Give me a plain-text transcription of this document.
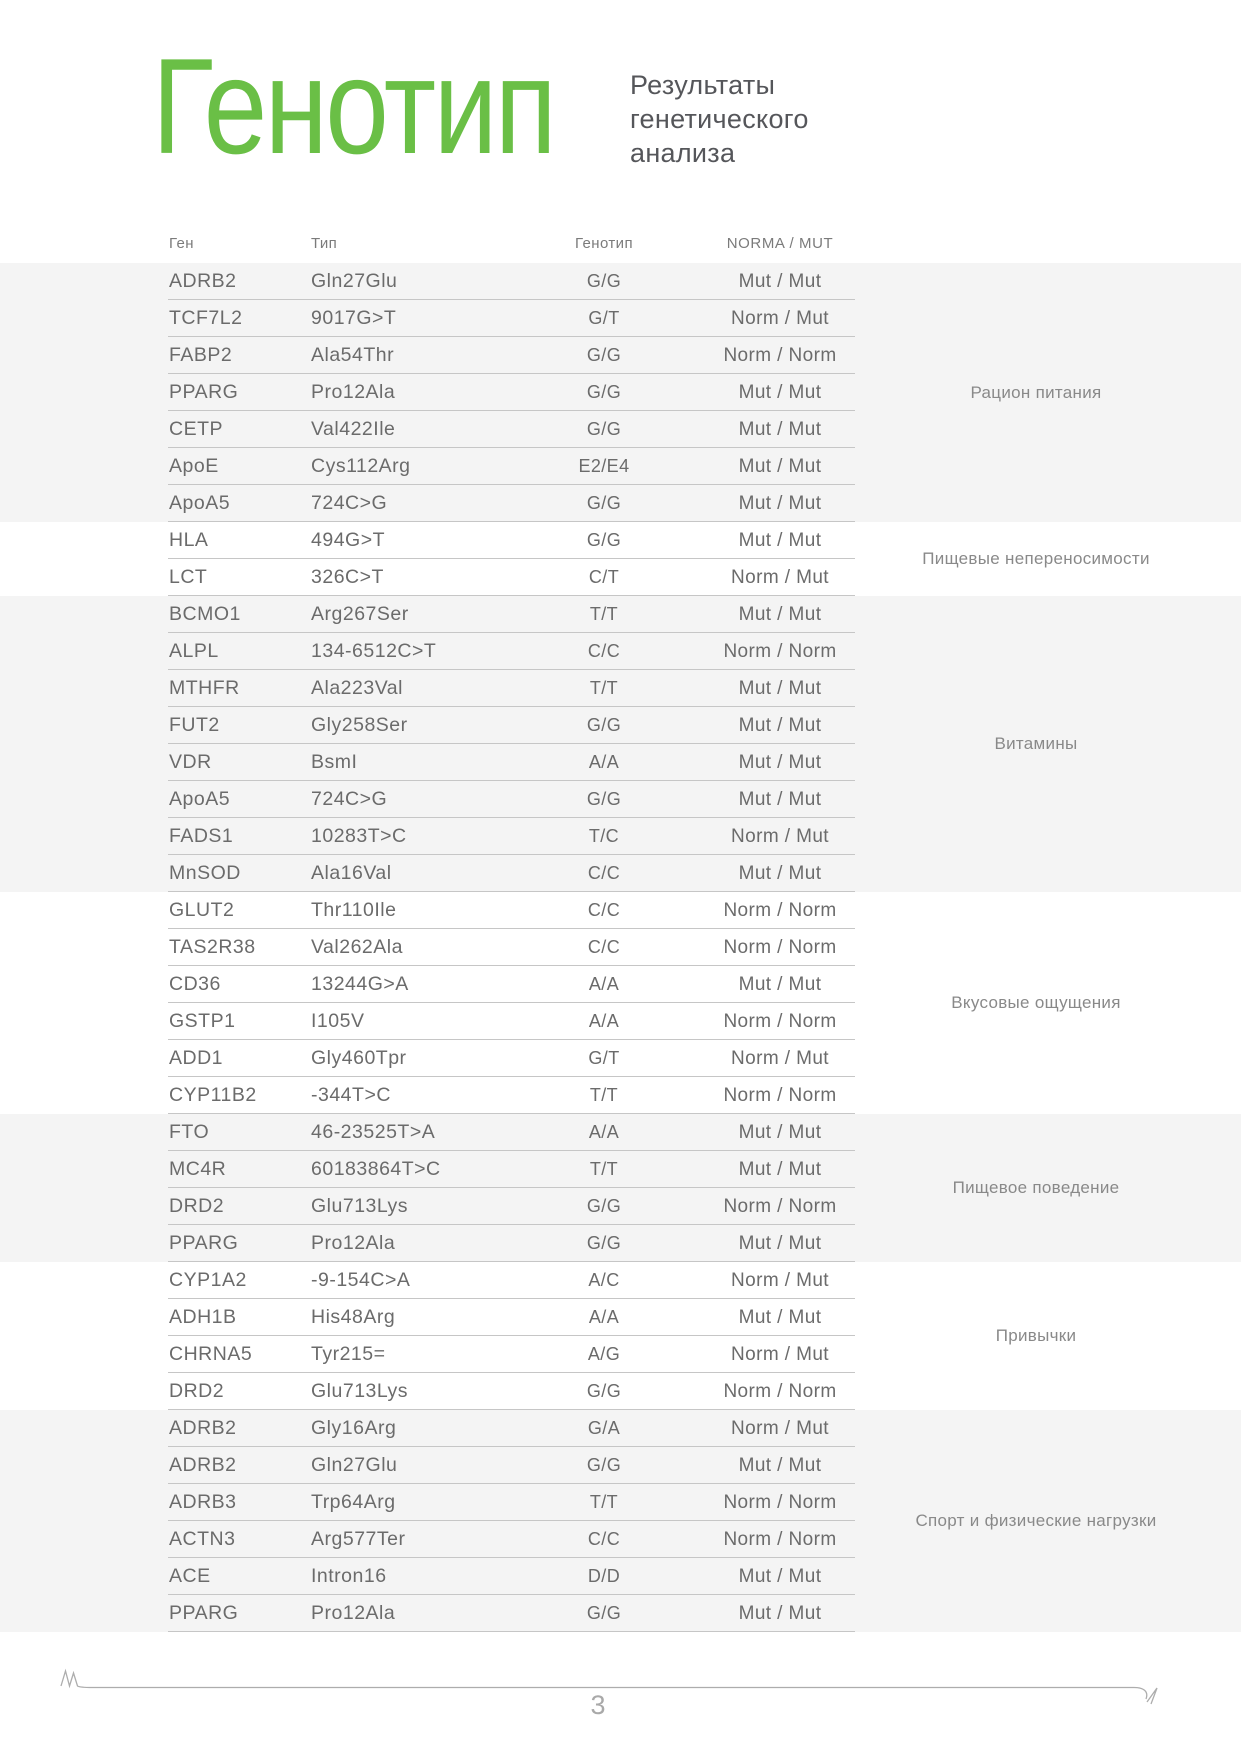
Генотип	Результаты
генетического
анализа
Ген	Тип	Генотип	NORMA / MUT
ADRB2	Gln27Glu	G/G	Mut / Mut
TCF7L2	9017G>T	G/T	Norm / Mut
FABP2	Ala54Thr	G/G	Norm / Norm
PPARG	Pro12Ala	G/G	Mut / Mut
CETP	Val422Ile	G/G	Mut / Mut
ApoE	Cys112Arg	E2/E4	Mut / Mut
ApoA5	724C>G	G/G	Mut / Mut
Рацион питания
HLA	494G>T	G/G	Mut / Mut
LCT	326C>T	C/T	Norm / Mut
Пищевые непереносимости
BCMO1	Arg267Ser	T/T	Mut / Mut
ALPL	134-6512C>T	C/C	Norm / Norm
MTHFR	Ala223Val	T/T	Mut / Mut
FUT2	Gly258Ser	G/G	Mut / Mut
VDR	BsmI	A/A	Mut / Mut
ApoA5	724C>G	G/G	Mut / Mut
FADS1	10283T>C	T/C	Norm / Mut
MnSOD	Ala16Val	C/C	Mut / Mut
Витамины
GLUT2	Thr110Ile	C/C	Norm / Norm
TAS2R38	Val262Ala	C/C	Norm / Norm
CD36	13244G>A	A/A	Mut / Mut
GSTP1	I105V	A/A	Norm / Norm
ADD1	Gly460Tpr	G/T	Norm / Mut
CYP11B2	-344T>C	T/T	Norm / Norm
Вкусовые ощущения
FTO	46-23525T>A	A/A	Mut / Mut
MC4R	60183864T>C	T/T	Mut / Mut
DRD2	Glu713Lys	G/G	Norm / Norm
PPARG	Pro12Ala	G/G	Mut / Mut
Пищевое поведение
CYP1A2	-9-154C>A	A/C	Norm / Mut
ADH1B	His48Arg	A/A	Mut / Mut
CHRNA5	Tyr215=	A/G	Norm / Mut
DRD2	Glu713Lys	G/G	Norm / Norm
Привычки
ADRB2	Gly16Arg	G/A	Norm / Mut
ADRB2	Gln27Glu	G/G	Mut / Mut
ADRB3	Trp64Arg	T/T	Norm / Norm
ACTN3	Arg577Ter	C/C	Norm / Norm
ACE	Intron16	D/D	Mut / Mut
PPARG	Pro12Ala	G/G	Mut / Mut
Спорт и физические нагрузки
3
